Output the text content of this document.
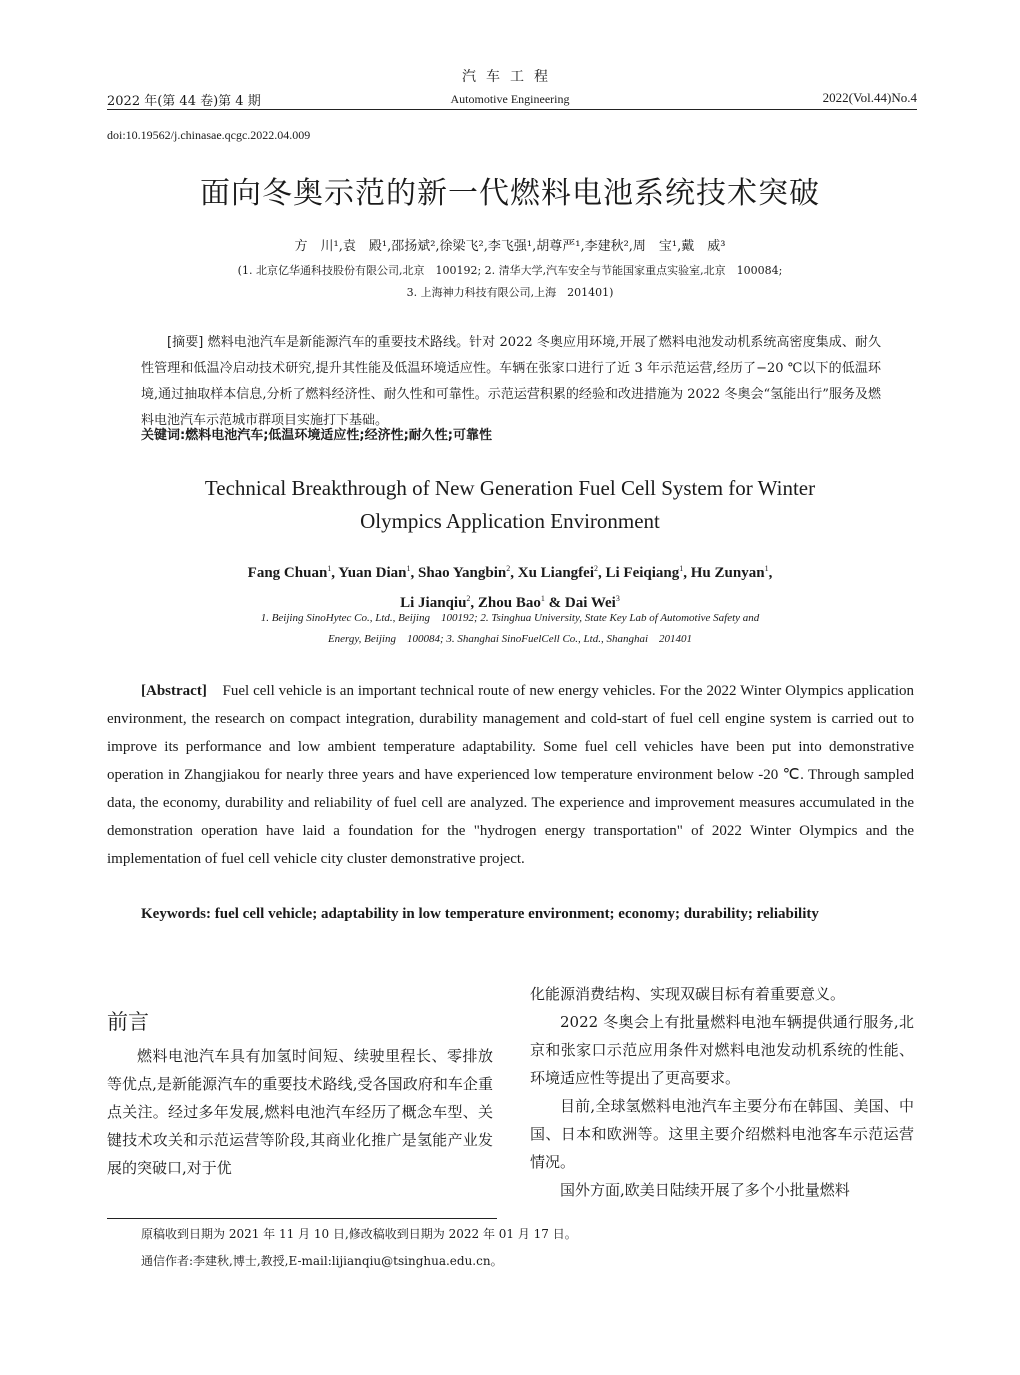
汽车工程
2022 年(第 44 卷)第 4 期	Automotive Engineering	2022(Vol.44)No.4
doi:10.19562/j.chinasae.qcgc.2022.04.009
面向冬奥示范的新一代燃料电池系统技术突破
方　川¹,袁　殿¹,邵扬斌²,徐梁飞²,李飞强¹,胡尊严¹,李建秋²,周　宝¹,戴　威³
(1. 北京亿华通科技股份有限公司,北京　100192; 2. 清华大学,汽车安全与节能国家重点实验室,北京　100084;
3. 上海神力科技有限公司,上海　201401)
[摘要] 燃料电池汽车是新能源汽车的重要技术路线。针对 2022 冬奥应用环境,开展了燃料电池发动机系统高密度集成、耐久性管理和低温冷启动技术研究,提升其性能及低温环境适应性。车辆在张家口进行了近 3 年示范运营,经历了−20 ℃以下的低温环境,通过抽取样本信息,分析了燃料经济性、耐久性和可靠性。示范运营积累的经验和改进措施为 2022 冬奥会“氢能出行”服务及燃料电池汽车示范城市群项目实施打下基础。
关键词:燃料电池汽车;低温环境适应性;经济性;耐久性;可靠性
Technical Breakthrough of New Generation Fuel Cell System for Winter
Olympics Application Environment
Fang Chuan$^1$, Yuan Dian$^1$, Shao Yangbin$^2$, Xu Liangfei$^2$, Li Feiqiang$^1$, Hu Zunyan$^1$,
Li Jianqiu$^2$, Zhou Bao$^1$ & Dai Wei$^3$
1. Beijing SinoHytec Co., Ltd., Beijing　100192; 2. Tsinghua University, State Key Lab of Automotive Safety and
Energy, Beijing　100084; 3. Shanghai SinoFuelCell Co., Ltd., Shanghai　201401
[Abstract] Fuel cell vehicle is an important technical route of new energy vehicles. For the 2022 Winter Olympics application environment, the research on compact integration, durability management and cold-start of fuel cell engine system is carried out to improve its performance and low ambient temperature adaptability. Some fuel cell vehicles have been put into demonstrative operation in Zhangjiakou for nearly three years and have experienced low temperature environment below -20 ℃. Through sampled data, the economy, durability and reliability of fuel cell are analyzed. The experience and improvement measures accumulated in the demonstration operation have laid a foundation for the "hydrogen energy transportation" of 2022 Winter Olympics and the implementation of fuel cell vehicle city cluster demonstrative project.
Keywords: fuel cell vehicle; adaptability in low temperature environment; economy; durability; reliability
前言

燃料电池汽车具有加氢时间短、续驶里程长、零排放等优点,是新能源汽车的重要技术路线,受各国政府和车企重点关注。经过多年发展,燃料电池汽车经历了概念车型、关键技术攻关和示范运营等阶段,其商业化推广是氢能产业发展的突破口,对于优

化能源消费结构、实现双碳目标有着重要意义。

2022 冬奥会上有批量燃料电池车辆提供通行服务,北京和张家口示范应用条件对燃料电池发动机系统的性能、环境适应性等提出了更高要求。

目前,全球氢燃料电池汽车主要分布在韩国、美国、中国、日本和欧洲等。这里主要介绍燃料电池客车示范运营情况。

国外方面,欧美日陆续开展了多个小批量燃料

原稿收到日期为 2021 年 11 月 10 日,修改稿收到日期为 2022 年 01 月 17 日。
通信作者:李建秋,博士,教授,E-mail:lijianqiu@tsinghua.edu.cn。
